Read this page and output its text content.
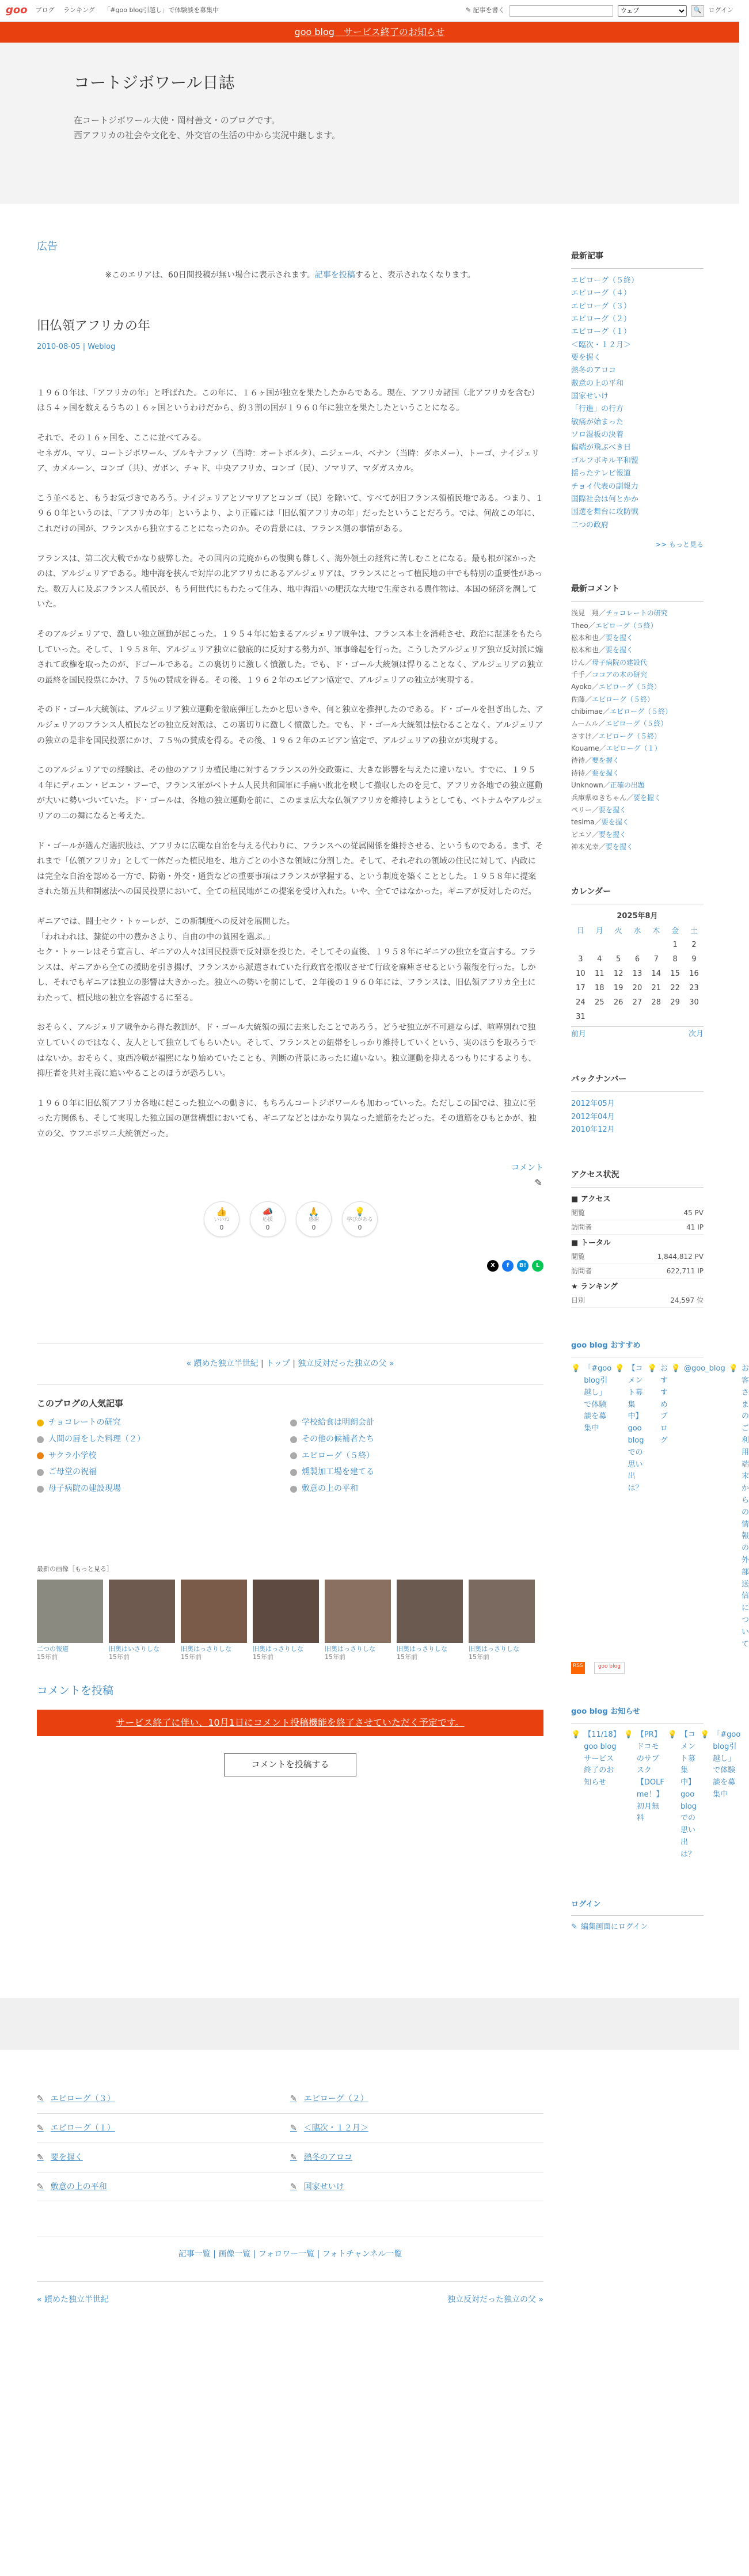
goo ブログ ランキング 「#goo blog引越し」で体験談を募集中	✎ 記事を書く
ウェブ	🔍 ログイン
goo blog　サービス終了のお知らせ
コートジボワール日誌

在コートジボワール大使・岡村善文・のブログです。

西アフリカの社会や文化を、外交官の生活の中から実況中継します。

広告
※このエリアは、60日間投稿が無い場合に表示されます。記事を投稿すると、表示されなくなります。
旧仏領アフリカの年
2010-08-05 | Weblog

１９６０年は、「アフリカの年」と呼ばれた。この年に、１６ヶ国が独立を果たしたからである。現在、アフリカ諸国（北アフリカを含む）は５４ヶ国を数えるうちの１６ヶ国というわけだから、約３割の国が１９６０年に独立を果たしたということになる。

それで、その１６ヶ国を、ここに並べてみる。
セネガル、マリ、コートジボワール、ブルキナファソ（当時：オートボルタ）、ニジェール、ベナン（当時：ダホメー）、トーゴ、ナイジェリア、カメルーン、コンゴ（共）、ガボン、チャド、中央アフリカ、コンゴ（民）、ソマリア、マダガスカル。

こう並べると、もうお気づきであろう。ナイジェリアとソマリアとコンゴ（民）を除いて、すべてが旧フランス領植民地である。つまり、１９６０年というのは、「アフリカの年」というより、より正確には「旧仏領アフリカの年」だったということだろう。では、何故この年に、これだけの国が、フランスから独立することになったのか。その背景には、フランス側の事情がある。

フランスは、第二次大戦でかなり疲弊した。その国内の荒廃からの復興も難しく、海外領土の経営に苦しむことになる。最も根が深かったのは、アルジェリアである。地中海を挟んで対岸の北アフリカにあるアルジェリアは、フランスにとって植民地の中でも特別の重要性があった。数万人に及ぶフランス人植民が、もう何世代にもわたって住み、地中海沿いの肥沃な大地で生産される農作物は、本国の経済を潤していた。

そのアルジェリアで、激しい独立運動が起こった。１９５４年に始まるアルジェリア戦争は、フランス本土を消耗させ、政治に混迷をもたらしていった。そして、１９５８年、アルジェリア独立に徹底的に反対する勢力が、軍事蜂起を行った。こうしたアルジェリア独立反対派に煽されて政権を取ったのが、ドゴールである。この裏切りに激しく憤激した。でも、ド・ゴール大統領は悍りることなく、アルジェリアの独立の最終を国民投票にかけ、７５％の賛成を得る。その後、１９６２年のエビアン協定で、アルジェリアの独立が実現する。

そのド・ゴール大統領は、アルジェリア独立運動を徹底弾圧したかと思いきや、何と独立を推押したのである。ド・ゴールを担ぎ出した、アルジェリアのフランス人植民などの独立反対派は、この裏切りに激しく憤激した。でも、ド・ゴール大統領は怯むることなく、アルジェリアの独立の是非を国民投票にかけ、７５％の賛成を得る。その後、１９６２年のエビアン協定で、アルジェリアの独立が実現する。

このアルジェリアでの経験は、その他のアフリカ植民地に対するフランスの外交政策に、大きな影響を与えたに違いない。すでに、１９５４年にディエン・ビエン・フーで、フランス軍がベトナム人民共和国軍に手痛い敗北を喫して撤収したのを見て、アフリカ各地での独立運動が大いに勢いづいていた。ド・ゴールは、各地の独立運動を前に、このまま広大な仏領アフリカを維持しようとしても、ベトナムやアルジェリアの二の舞になると考えた。

ド・ゴールが選んだ選択肢は、アフリカに広範な自治を与える代わりに、フランスへの従属関係を維持させる、というものである。まず、それまで「仏領アフリカ」として一体だった植民地を、地方ごとの小さな領域に分割した。そして、それぞれの領域の住民に対して、内政には完全な自治を認める一方で、防衛・外交・通貨などの重要事項はフランスが掌握する、という制度を築くこととした。１９５８年に提案された第五共和制憲法への国民投票において、全ての植民地がこの提案を受け入れた。いや、全てではなかった。ギニアが反対したのだ。

ギニアでは、闘士セク・トゥーレが、この新制度への反対を展開した。
「われわれは、隷従の中の豊かさより、自由の中の貧困を選ぶ。」
セク・トゥーレはそう宣言し、ギニアの人々は国民投票で反対票を投じた。そしてその直後、１９５８年にギニアの独立を宣言する。フランスは、ギニアから全ての援助を引き揚げ、フランスから派遣されていた行政官を撤収させて行政を麻痺させるという報復を行った。しかし、それでもギニアは独立の影響は大きかった。独立への勢いを前にして、２年後の１９６０年には、フランスは、旧仏領アフリカ全土にわたって、植民地の独立を容認するに至る。

おそらく、アルジェリア戦争から得た教訓が、ド・ゴール大統領の頭に去来したことであろう。どうせ独立が不可避ならば、喧嘩別れで独立していくのではなく、友人として独立してもらいたい。そして、フランスとの紐帯をしっかり維持していくという、実のほうを取ろうではないか。おそらく、東西冷戦が福煕になり始めていたことも、判断の背景にあったに違いない。独立運動を抑えるつもりにするよりも、抑圧者を共対主義に追いやることのほうが恐ろしい。

１９６０年に旧仏領アフリカ各地に起こった独立への動きに、もちろんコートジボワールも加わっていった。ただしこの国では、独立に至った方関係も、そして実現した独立国の運営構想においても、ギニアなどとはかなり異なった道筋をたどった。その道筋をひもとかが、独立の父、ウフエボワニ大統領だった。

コメント
✎
👍
いいね
0
📣
応援
0
🙏
感謝
0
💡
学びがある
0
X	f	B!	L
« 躓めた独立半世紀 | トップ | 独立反対だった独立の父 »
このブログの人気記事
チョコレートの研究	学校給食は明朗会計
人間の唇をした料理（２）	その他の候補者たち
サクラ小学校	エピローグ（５終）
ご母堂の祝福	燻製加工場を建てる
母子病院の建設現場	敷意の上の平和
最新の画像［もっと見る］
二つの報道
15年前
旧奥はいさりしな
15年前
旧奥はっさりしな
15年前
旧奥はっさりしな
15年前
旧奥はっさりしな
15年前
旧奥はっさりしな
15年前
旧奥はっさりしな
15年前
コメントを投稿
サービス終了に伴い、10月1日にコメント投稿機能を終了させていただく予定です。
コメントを投稿する
最新記事
エピローグ（５終）
エピローグ（４）
エピローグ（３）
エピローグ（２）
エピローグ（１）
＜臨次・１２月＞
要を握く
熱冬のアロコ
敷意の上の平和
国家せいけ
「行進」の行方
敏痛が始まった
ソロ湿板の決着
偏端が飛ぶべき日
ゴルフボキル平和盟
揺ったテレビ報道
チョイ代表の副報力
国際社会は何とかか
国選を舞台に攻防戦
二つの政府
>> もっと見る
最新コメント
浅見　翔／チョコレートの研究
Theo／エピローグ（５終）
松本和也／要を握く
松本和也／要を握く
けん／母子病院の建設代
千手／ココアの木の研究
Ayoko／エピローグ（５終）
佐藤／エピローグ（５終）
chibimae／エピローグ（５終）
ムームル／エピローグ（５終）
さすけ／エピローグ（５終）
Kouame／エピローグ（１）
待待／要を握く
待待／要を握く
Unknown／正確の出題
兵庫県ゆきちゃん／要を握く
ペリー／要を握く
tesima／要を握く
ピエソ／要を握く
神本光幸／要を握く
カレンダー
2025年8月
日	月	火	水	木	金	土
					1	2
3	4	5	6	7	8	9
10	11	12	13	14	15	16
17	18	19	20	21	22	23
24	25	26	27	28	29	30
31						
前月	次月
バックナンバー
2012年05月
2012年04月
2010年12月
アクセス状況
■ アクセス
閲覧	45 PV
訪問者	41 IP
■ トータル
閲覧	1,844,812 PV
訪問者	622,711 IP
★ ランキング
日別	24,597 位
goo blog おすすめ
💡 「#goo blog引越し」で体験談を募集中
💡 【コメント募集中】goo blogでの思い出は？
💡 おすすめブログ
💡 @goo_blog 💡 お客さまのご利用端末からの情報の外部送信について
RSS
	goo blog
goo blog お知らせ
💡 【11/18】goo blogサービス終了のお知らせ
💡 【PR】ドコモのサブスク【DOLF me！】初月無料
💡 【コメント募集中】goo blogでの思い出は？
💡 「#goo blog引越し」で体験談を募集中
ログイン
✎ 編集画面にログイン
✎ エピローグ（３）	✎ エピローグ（２）
✎ エピローグ（１）	✎ ＜臨次・１２月＞
✎ 要を握く	✎ 熱冬のアロコ
✎ 敷意の上の平和	✎ 国家せいけ
記事一覧 | 画像一覧 | フォロワー一覧 | フォトチャンネル一覧
« 躓めた独立半世紀	独立反対だった独立の父 »
